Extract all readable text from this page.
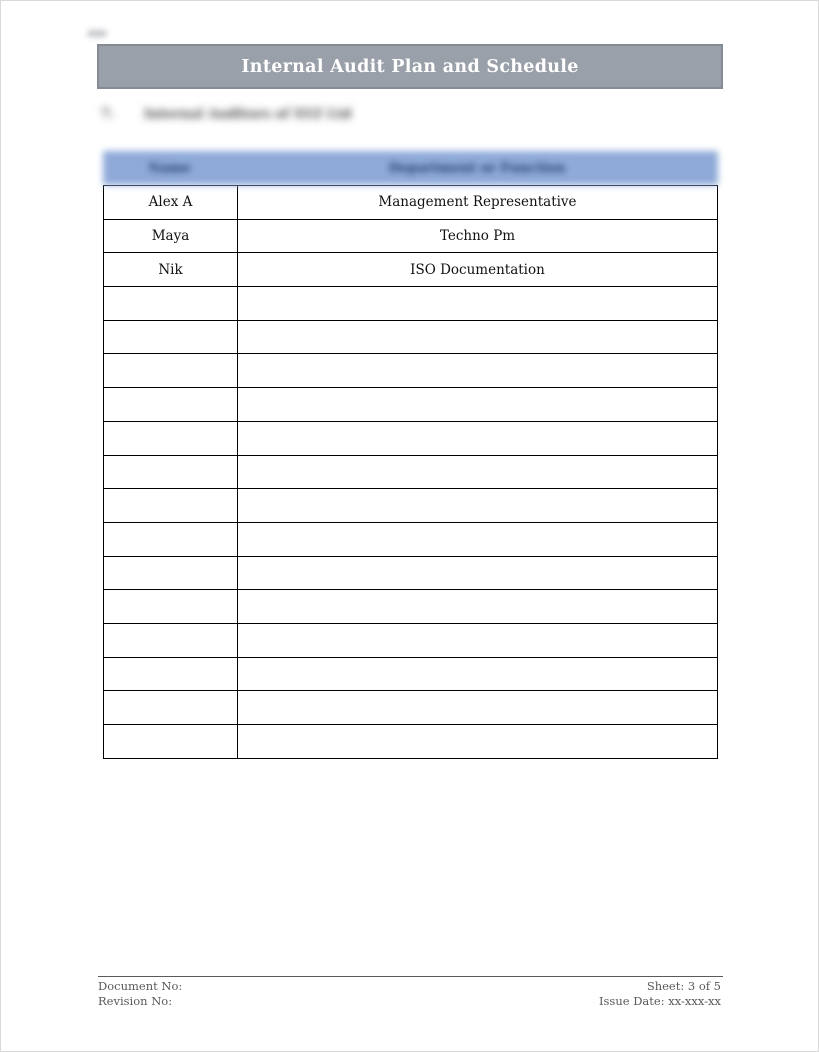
Internal Audit Plan and Schedule
7.	Internal Auditors of XYZ Ltd
Name	Department or Function
Alex A	Management Representative
Maya	Techno Pm
Nik	ISO Documentation

Document No:
Revision No:
Sheet: 3 of 5
Issue Date: xx-xxx-xx
